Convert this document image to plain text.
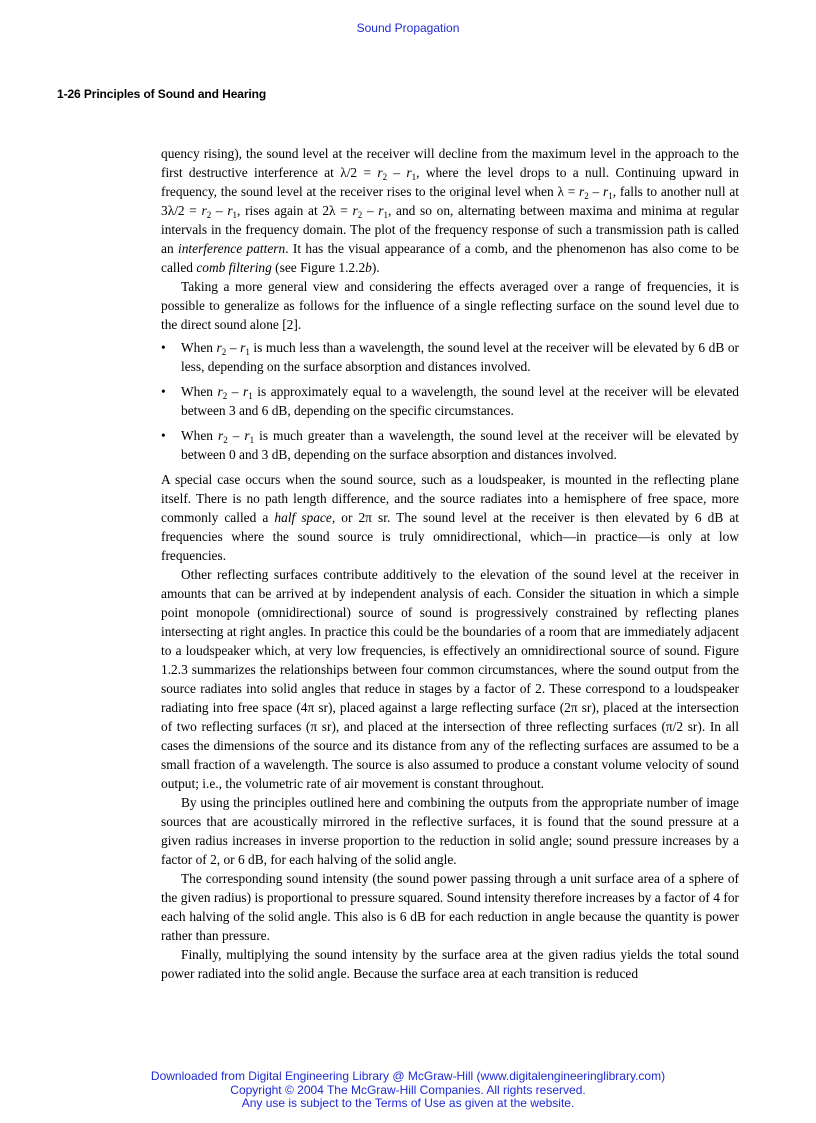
Sound Propagation
1-26 Principles of Sound and Hearing

quency rising), the sound level at the receiver will decline from the maximum level in the approach to the first destructive interference at $\lambda/2 = r_2 - r_1$, where the level drops to a null. Continuing upward in frequency, the sound level at the receiver rises to the original level when $\lambda = r_2 - r_1$, falls to another null at $3\lambda/2 = r_2 - r_1$, rises again at $2\lambda = r_2 - r_1$, and so on, alternating between maxima and minima at regular intervals in the frequency domain. The plot of the frequency response of such a transmission path is called an interference pattern. It has the visual appearance of a comb, and the phenomenon has also come to be called comb filtering (see Figure 1.2.2b).

Taking a more general view and considering the effects averaged over a range of frequencies, it is possible to generalize as follows for the influence of a single reflecting surface on the sound level due to the direct sound alone [2].

• When $r_2 - r_1$ is much less than a wavelength, the sound level at the receiver will be elevated by 6 dB or less, depending on the surface absorption and distances involved.
• When $r_2 - r_1$ is approximately equal to a wavelength, the sound level at the receiver will be elevated between 3 and 6 dB, depending on the specific circumstances.
• When $r_2 - r_1$ is much greater than a wavelength, the sound level at the receiver will be elevated by between 0 and 3 dB, depending on the surface absorption and distances involved.

A special case occurs when the sound source, such as a loudspeaker, is mounted in the reflecting plane itself. There is no path length difference, and the source radiates into a hemisphere of free space, more commonly called a half space, or 2π sr. The sound level at the receiver is then elevated by 6 dB at frequencies where the sound source is truly omnidirectional, which—in practice—is only at low frequencies.

Other reflecting surfaces contribute additively to the elevation of the sound level at the receiver in amounts that can be arrived at by independent analysis of each. Consider the situation in which a simple point monopole (omnidirectional) source of sound is progressively constrained by reflecting planes intersecting at right angles. In practice this could be the boundaries of a room that are immediately adjacent to a loudspeaker which, at very low frequencies, is effectively an omnidirectional source of sound. Figure 1.2.3 summarizes the relationships between four common circumstances, where the sound output from the source radiates into solid angles that reduce in stages by a factor of 2. These correspond to a loudspeaker radiating into free space (4π sr), placed against a large reflecting surface (2π sr), placed at the intersection of two reflecting surfaces (π sr), and placed at the intersection of three reflecting surfaces (π/2 sr). In all cases the dimensions of the source and its distance from any of the reflecting surfaces are assumed to be a small fraction of a wavelength. The source is also assumed to produce a constant volume velocity of sound output; i.e., the volumetric rate of air movement is constant throughout.

By using the principles outlined here and combining the outputs from the appropriate number of image sources that are acoustically mirrored in the reflective surfaces, it is found that the sound pressure at a given radius increases in inverse proportion to the reduction in solid angle; sound pressure increases by a factor of 2, or 6 dB, for each halving of the solid angle.

The corresponding sound intensity (the sound power passing through a unit surface area of a sphere of the given radius) is proportional to pressure squared. Sound intensity therefore increases by a factor of 4 for each halving of the solid angle. This also is 6 dB for each reduction in angle because the quantity is power rather than pressure.

Finally, multiplying the sound intensity by the surface area at the given radius yields the total sound power radiated into the solid angle. Because the surface area at each transition is reduced

Downloaded from Digital Engineering Library @ McGraw-Hill (www.digitalengineeringlibrary.com)
Copyright © 2004 The McGraw-Hill Companies. All rights reserved.
Any use is subject to the Terms of Use as given at the website.
